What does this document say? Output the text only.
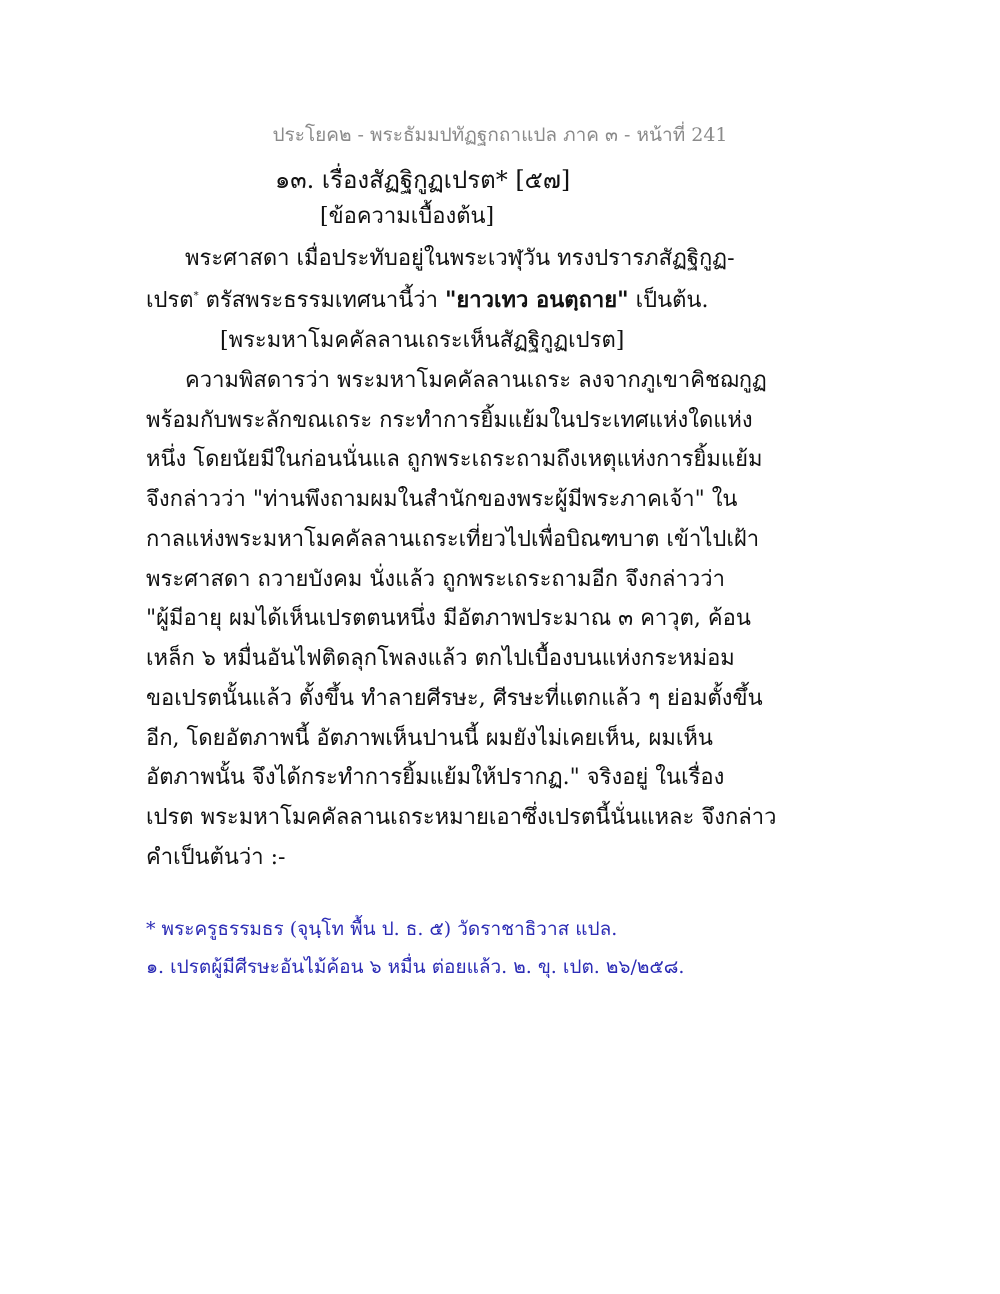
ประโยค๒ - พระธัมมปทัฏฐกถาแปล ภาค ๓ - หน้าที่ 241
๑๓. เรื่องสัฏฐิกูฏเปรต* [๕๗]
[ข้อความเบื้องต้น]
พระศาสดา เมื่อประทับอยู่ในพระเวฬุวัน ทรงปรารภสัฏฐิกูฏ-
เปรต* ตรัสพระธรรมเทศนานี้ว่า "ยาวเทว อนตฺถาย" เป็นต้น.
[พระมหาโมคคัลลานเถระเห็นสัฏฐิกูฏเปรต]
ความพิสดารว่า พระมหาโมคคัลลานเถระ ลงจากภูเขาคิชฌกูฏ
พร้อมกับพระลักขณเถระ กระทำการยิ้มแย้มในประเทศแห่งใดแห่ง
หนึ่ง โดยนัยมีในก่อนนั่นแล ถูกพระเถระถามถึงเหตุแห่งการยิ้มแย้ม
จึงกล่าวว่า "ท่านพึงถามผมในสำนักของพระผู้มีพระภาคเจ้า" ใน
กาลแห่งพระมหาโมคคัลลานเถระเที่ยวไปเพื่อบิณฑบาต เข้าไปเฝ้า
พระศาสดา ถวายบังคม นั่งแล้ว ถูกพระเถระถามอีก จึงกล่าวว่า
"ผู้มีอายุ ผมได้เห็นเปรตตนหนึ่ง มีอัตภาพประมาณ ๓ คาวุต, ค้อน
เหล็ก ๖ หมื่นอันไฟติดลุกโพลงแล้ว ตกไปเบื้องบนแห่งกระหม่อม
ขอเปรตนั้นแล้ว ตั้งขึ้น ทำลายศีรษะ, ศีรษะที่แตกแล้ว ๆ ย่อมตั้งขึ้น
อีก, โดยอัตภาพนี้ อัตภาพเห็นปานนี้ ผมยังไม่เคยเห็น, ผมเห็น
อัตภาพนั้น จึงได้กระทำการยิ้มแย้มให้ปรากฏ." จริงอยู่ ในเรื่อง
เปรต พระมหาโมคคัลลานเถระหมายเอาซึ่งเปรตนี้นั่นแหละ จึงกล่าว
คำเป็นต้นว่า :-
* พระครูธรรมธร (จุนฺโท พื้น ป. ธ. ๕) วัดราชาธิวาส แปล.
๑. เปรตผู้มีศีรษะอันไม้ค้อน ๖ หมื่น ต่อยแล้ว. ๒. ขุ. เปต. ๒๖/๒๕๘.
